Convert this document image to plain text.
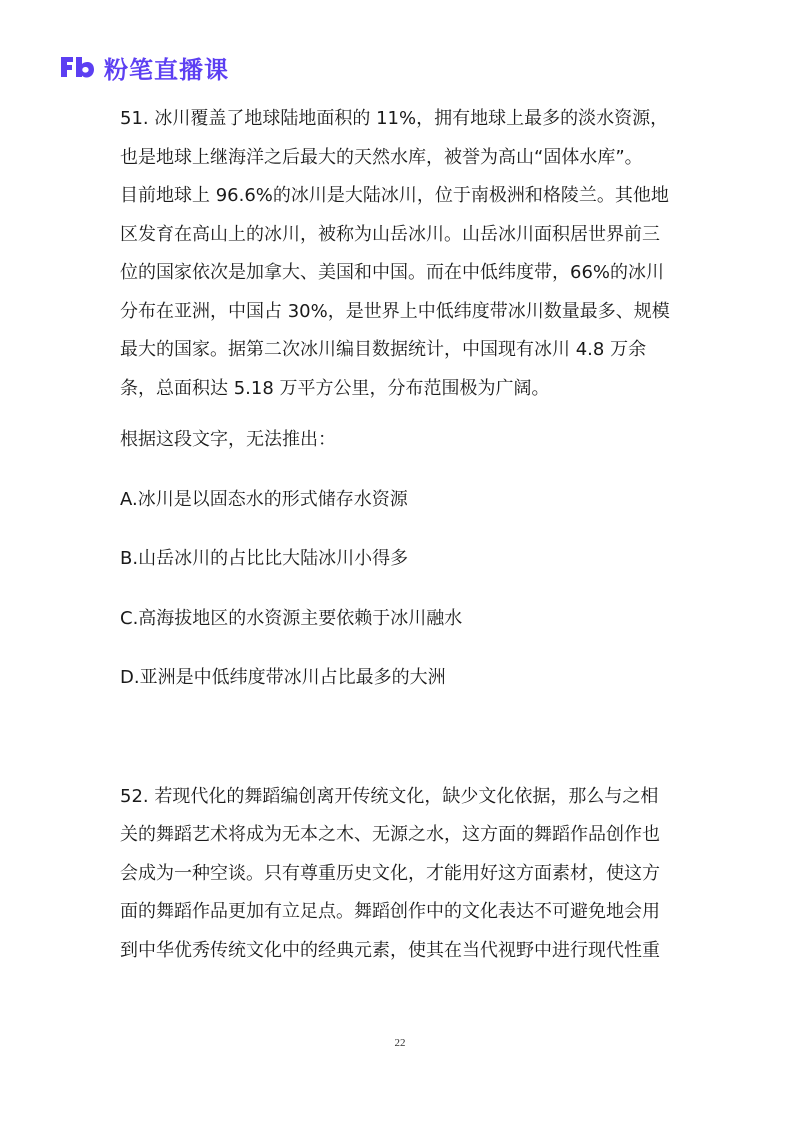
粉笔直播课
51. 冰川覆盖了地球陆地面积的 11%，拥有地球上最多的淡水资源，
也是地球上继海洋之后最大的天然水库，被誉为高山“固体水库”。
目前地球上 96.6%的冰川是大陆冰川，位于南极洲和格陵兰。其他地
区发育在高山上的冰川，被称为山岳冰川。山岳冰川面积居世界前三
位的国家依次是加拿大、美国和中国。而在中低纬度带，66%的冰川
分布在亚洲，中国占 30%，是世界上中低纬度带冰川数量最多、规模
最大的国家。据第二次冰川编目数据统计，中国现有冰川 4.8 万余
条，总面积达 5.18 万平方公里，分布范围极为广阔。
根据这段文字，无法推出：
A.冰川是以固态水的形式储存水资源
B.山岳冰川的占比比大陆冰川小得多
C.高海拔地区的水资源主要依赖于冰川融水
D.亚洲是中低纬度带冰川占比最多的大洲
52. 若现代化的舞蹈编创离开传统文化，缺少文化依据，那么与之相
关的舞蹈艺术将成为无本之木、无源之水，这方面的舞蹈作品创作也
会成为一种空谈。只有尊重历史文化，才能用好这方面素材，使这方
面的舞蹈作品更加有立足点。舞蹈创作中的文化表达不可避免地会用
到中华优秀传统文化中的经典元素，使其在当代视野中进行现代性重
22
